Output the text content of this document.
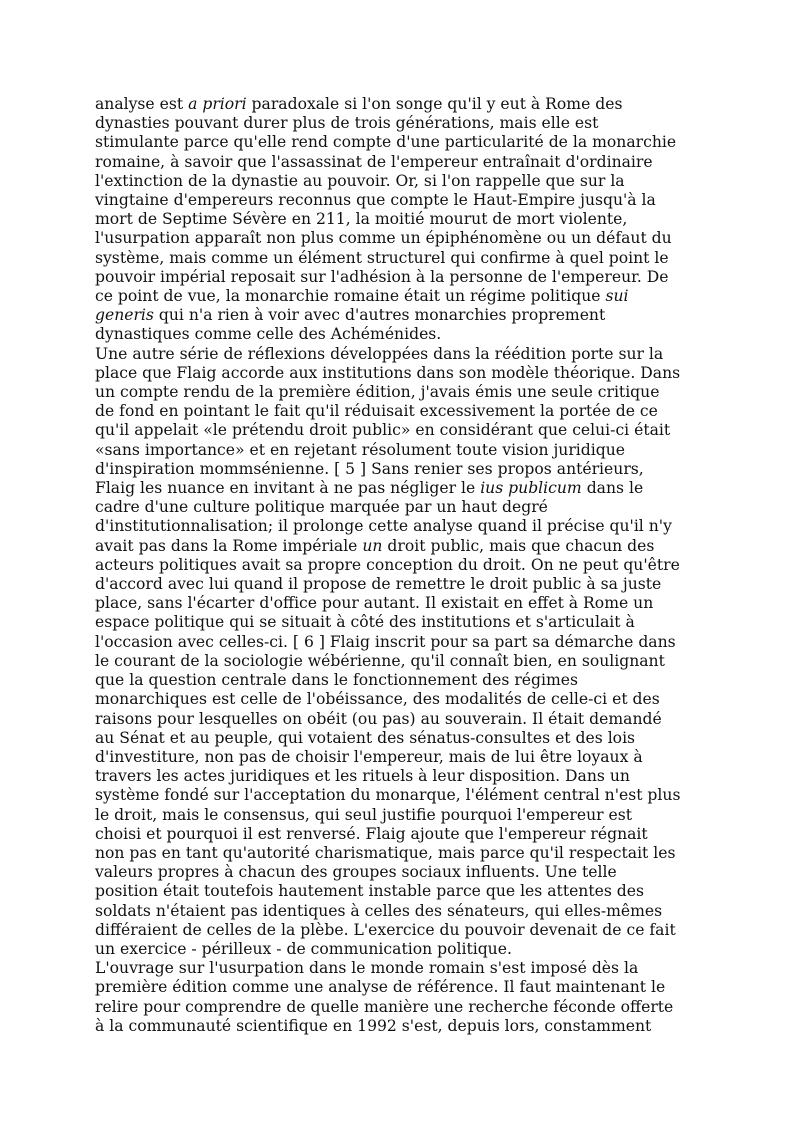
analyse est a priori paradoxale si l'on songe qu'il y eut à Rome des
dynasties pouvant durer plus de trois générations, mais elle est
stimulante parce qu'elle rend compte d'une particularité de la monarchie
romaine, à savoir que l'assassinat de l'empereur entraînait d'ordinaire
l'extinction de la dynastie au pouvoir. Or, si l'on rappelle que sur la
vingtaine d'empereurs reconnus que compte le Haut-Empire jusqu'à la
mort de Septime Sévère en 211, la moitié mourut de mort violente,
l'usurpation apparaît non plus comme un épiphénomène ou un défaut du
système, mais comme un élément structurel qui confirme à quel point le
pouvoir impérial reposait sur l'adhésion à la personne de l'empereur. De
ce point de vue, la monarchie romaine était un régime politique sui
generis qui n'a rien à voir avec d'autres monarchies proprement
dynastiques comme celle des Achéménides.
Une autre série de réflexions développées dans la réédition porte sur la
place que Flaig accorde aux institutions dans son modèle théorique. Dans
un compte rendu de la première édition, j'avais émis une seule critique
de fond en pointant le fait qu'il réduisait excessivement la portée de ce
qu'il appelait «le prétendu droit public» en considérant que celui-ci était
«sans importance» et en rejetant résolument toute vision juridique
d'inspiration mommsénienne. [ 5 ] Sans renier ses propos antérieurs,
Flaig les nuance en invitant à ne pas négliger le ius publicum dans le
cadre d'une culture politique marquée par un haut degré
d'institutionnalisation; il prolonge cette analyse quand il précise qu'il n'y
avait pas dans la Rome impériale un droit public, mais que chacun des
acteurs politiques avait sa propre conception du droit. On ne peut qu'être
d'accord avec lui quand il propose de remettre le droit public à sa juste
place, sans l'écarter d'office pour autant. Il existait en effet à Rome un
espace politique qui se situait à côté des institutions et s'articulait à
l'occasion avec celles-ci. [ 6 ] Flaig inscrit pour sa part sa démarche dans
le courant de la sociologie wébérienne, qu'il connaît bien, en soulignant
que la question centrale dans le fonctionnement des régimes
monarchiques est celle de l'obéissance, des modalités de celle-ci et des
raisons pour lesquelles on obéit (ou pas) au souverain. Il était demandé
au Sénat et au peuple, qui votaient des sénatus-consultes et des lois
d'investiture, non pas de choisir l'empereur, mais de lui être loyaux à
travers les actes juridiques et les rituels à leur disposition. Dans un
système fondé sur l'acceptation du monarque, l'élément central n'est plus
le droit, mais le consensus, qui seul justifie pourquoi l'empereur est
choisi et pourquoi il est renversé. Flaig ajoute que l'empereur régnait
non pas en tant qu'autorité charismatique, mais parce qu'il respectait les
valeurs propres à chacun des groupes sociaux influents. Une telle
position était toutefois hautement instable parce que les attentes des
soldats n'étaient pas identiques à celles des sénateurs, qui elles-mêmes
différaient de celles de la plèbe. L'exercice du pouvoir devenait de ce fait
un exercice - périlleux - de communication politique.
L'ouvrage sur l'usurpation dans le monde romain s'est imposé dès la
première édition comme une analyse de référence. Il faut maintenant le
relire pour comprendre de quelle manière une recherche féconde offerte
à la communauté scientifique en 1992 s'est, depuis lors, constamment
